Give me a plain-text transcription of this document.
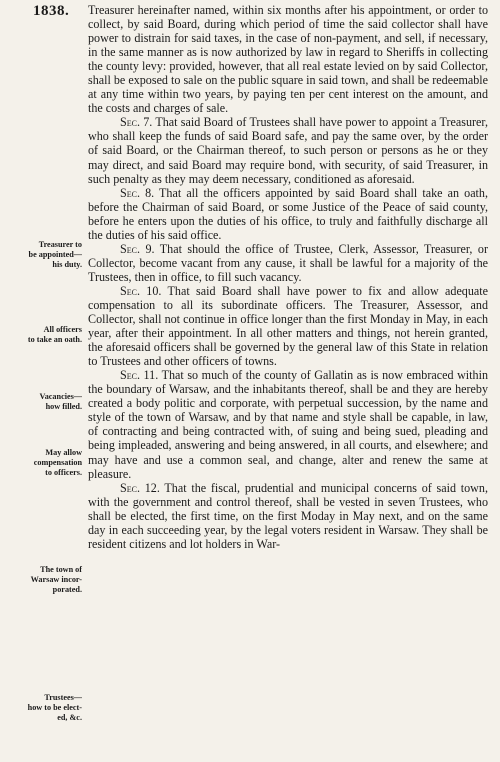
1838.
Treasurer to
be appointed—
his duty.
All officers
to take an oath.
Vacancies—
how filled.
May allow
compensation
to officers.
The town of
Warsaw incor-
porated.
Trustees—
how to be elect-
ed, &c.

Treasurer hereinafter named, within six months after his appointment, or order to collect, by said Board, during which period of time the said collector shall have power to distrain for said taxes, in the case of non-payment, and sell, if necessary, in the same manner as is now authorized by law in regard to Sheriffs in collecting the county levy: provided, however, that all real estate levied on by said Collector, shall be exposed to sale on the public square in said town, and shall be redeemable at any time within two years, by paying ten per cent interest on the amount, and the costs and charges of sale.

Sec. 7. That said Board of Trustees shall have power to appoint a Treasurer, who shall keep the funds of said Board safe, and pay the same over, by the order of said Board, or the Chairman thereof, to such person or persons as he or they may direct, and said Board may require bond, with security, of said Treasurer, in such penalty as they may deem necessary, conditioned as aforesaid.

Sec. 8. That all the officers appointed by said Board shall take an oath, before the Chairman of said Board, or some Justice of the Peace of said county, before he enters upon the duties of his office, to truly and faithfully discharge all the duties of his said office.

Sec. 9. That should the office of Trustee, Clerk, Assessor, Treasurer, or Collector, become vacant from any cause, it shall be lawful for a majority of the Trustees, then in office, to fill such vacancy.

Sec. 10. That said Board shall have power to fix and allow adequate compensation to all its subordinate officers. The Treasurer, Assessor, and Collector, shall not continue in office longer than the first Monday in May, in each year, after their appointment. In all other matters and things, not herein granted, the aforesaid officers shall be governed by the general law of this State in relation to Trustees and other officers of towns.

Sec. 11. That so much of the county of Gallatin as is now embraced within the boundary of Warsaw, and the inhabitants thereof, shall be and they are hereby created a body politic and corporate, with perpetual succession, by the name and style of the town of Warsaw, and by that name and style shall be capable, in law, of contracting and being contracted with, of suing and being sued, pleading and being impleaded, answering and being answered, in all courts, and elsewhere; and may have and use a common seal, and change, alter and renew the same at pleasure.

Sec. 12. That the fiscal, prudential and municipal concerns of said town, with the government and control thereof, shall be vested in seven Trustees, who shall be elected, the first time, on the first Moday in May next, and on the same day in each succeeding year, by the legal voters resident in Warsaw. They shall be resident citizens and lot holders in War-
